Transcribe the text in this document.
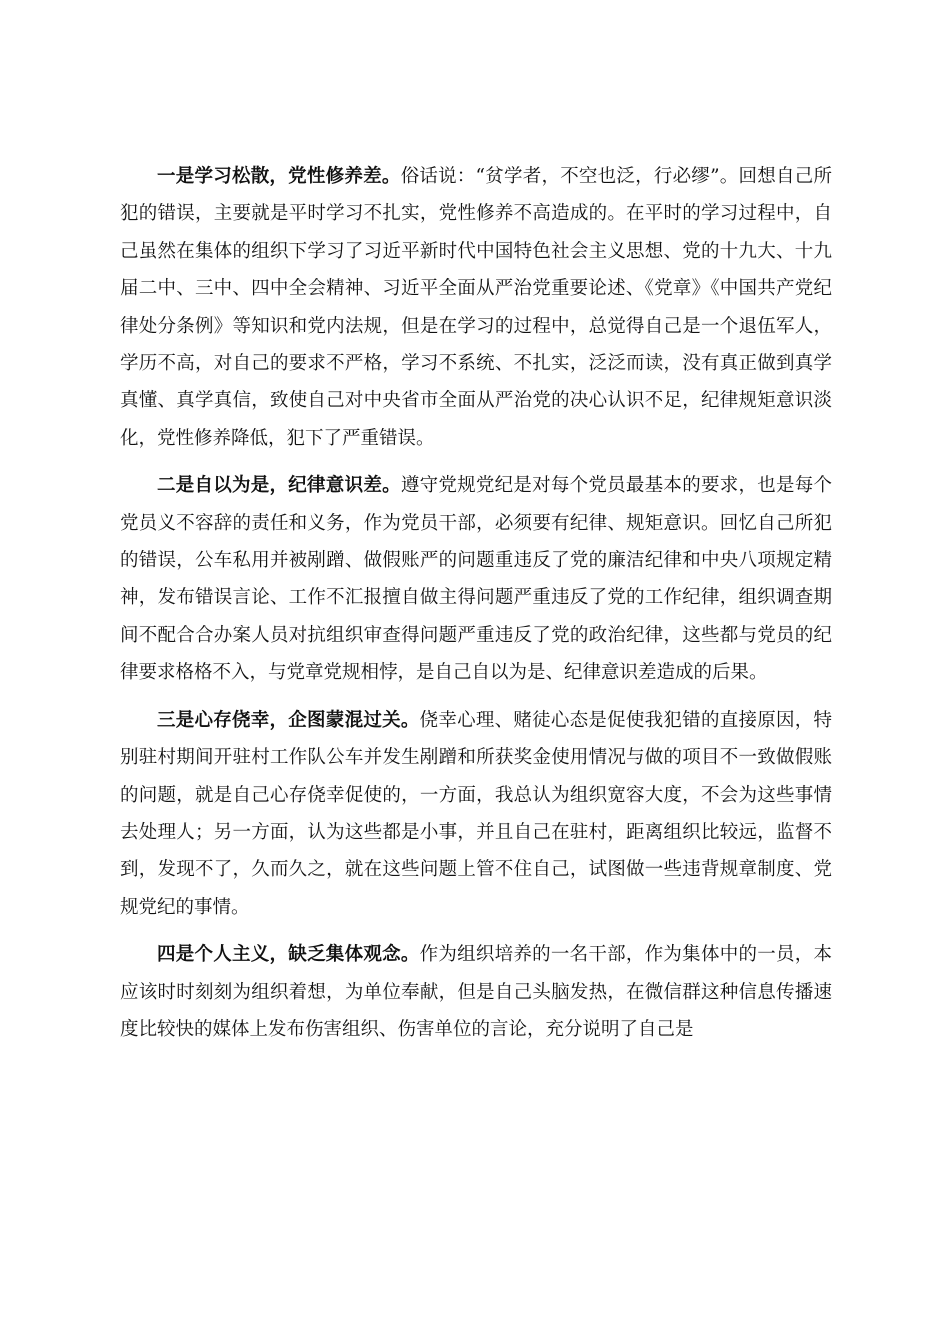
一是学习松散，党性修养差。俗话说：“贫学者，不空也泛，行必缪”。回想自己所犯的错误，主要就是平时学习不扎实，党性修养不高造成的。在平时的学习过程中，自己虽然在集体的组织下学习了习近平新时代中国特色社会主义思想、党的十九大、十九届二中、三中、四中全会精神、习近平全面从严治党重要论述、《党章》《中国共产党纪律处分条例》等知识和党内法规，但是在学习的过程中，总觉得自己是一个退伍军人，学历不高，对自己的要求不严格，学习不系统、不扎实，泛泛而读，没有真正做到真学真懂、真学真信，致使自己对中央省市全面从严治党的决心认识不足，纪律规矩意识淡化，党性修养降低，犯下了严重错误。

二是自以为是，纪律意识差。遵守党规党纪是对每个党员最基本的要求，也是每个党员义不容辞的责任和义务，作为党员干部，必须要有纪律、规矩意识。回忆自己所犯的错误，公车私用并被剐蹭、做假账严的问题重违反了党的廉洁纪律和中央八项规定精神，发布错误言论、工作不汇报擅自做主得问题严重违反了党的工作纪律，组织调查期间不配合合办案人员对抗组织审查得问题严重违反了党的政治纪律，这些都与党员的纪律要求格格不入，与党章党规相悖，是自己自以为是、纪律意识差造成的后果。

三是心存侥幸，企图蒙混过关。侥幸心理、赌徒心态是促使我犯错的直接原因，特别驻村期间开驻村工作队公车并发生剐蹭和所获奖金使用情况与做的项目不一致做假账的问题，就是自己心存侥幸促使的，一方面，我总认为组织宽容大度，不会为这些事情去处理人；另一方面，认为这些都是小事，并且自己在驻村，距离组织比较远，监督不到，发现不了，久而久之，就在这些问题上管不住自己，试图做一些违背规章制度、党规党纪的事情。

四是个人主义，缺乏集体观念。作为组织培养的一名干部，作为集体中的一员，本应该时时刻刻为组织着想，为单位奉献，但是自己头脑发热，在微信群这种信息传播速度比较快的媒体上发布伤害组织、伤害单位的言论，充分说明了自己是
